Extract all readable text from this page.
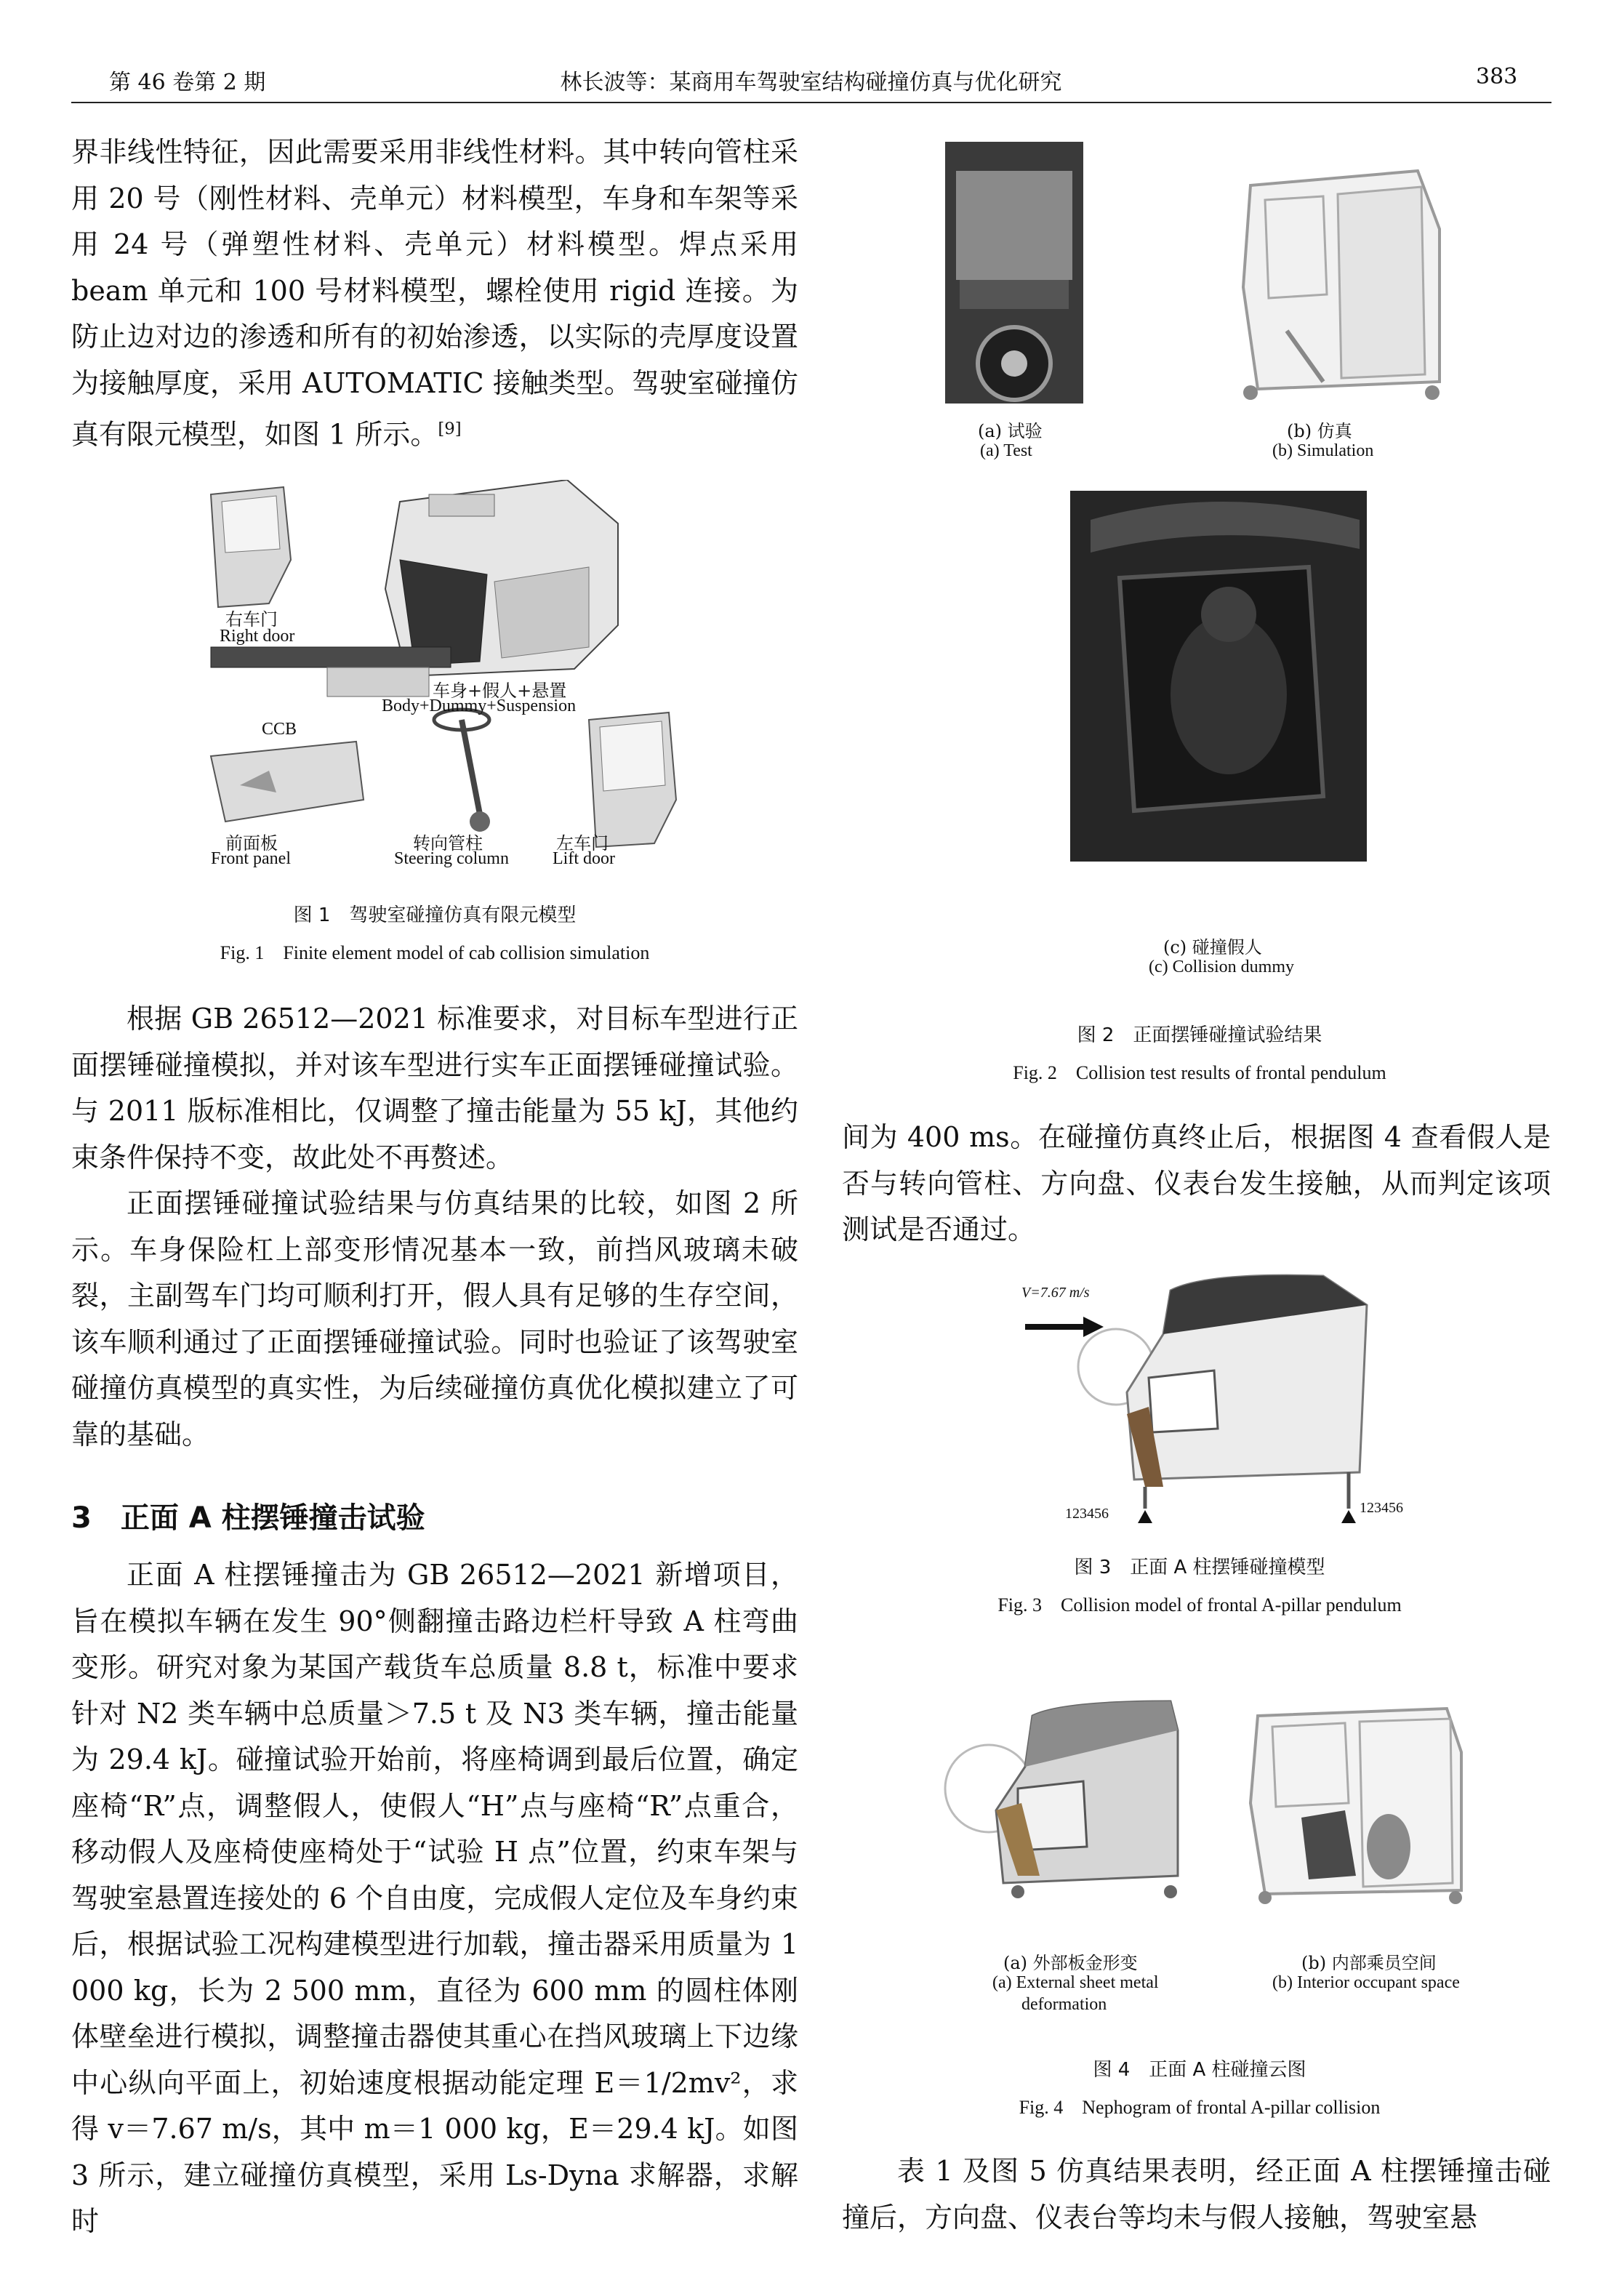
第 46 卷第 2 期	林长波等：某商用车驾驶室结构碰撞仿真与优化研究	383

界非线性特征，因此需要采用非线性材料。其中转向管柱采用 20 号（刚性材料、壳单元）材料模型，车身和车架等采用 24 号（弹塑性材料、壳单元）材料模型。焊点采用 beam 单元和 100 号材料模型，螺栓使用 rigid 连接。为防止边对边的渗透和所有的初始渗透，以实际的壳厚度设置为接触厚度，采用 AUTOMATIC 接触类型。驾驶室碰撞仿真有限元模型，如图 1 所示。[9]

右车门
Right door
车身+假人+悬置
Body+Dummy+Suspension
CCB
前面板
Front panel
转向管柱
Steering column
左车门
Lift door
图 1　驾驶室碰撞仿真有限元模型
Fig. 1　Finite element model of cab collision simulation

根据 GB 26512—2021 标准要求，对目标车型进行正面摆锤碰撞模拟，并对该车型进行实车正面摆锤碰撞试验。与 2011 版标准相比，仅调整了撞击能量为 55 kJ，其他约束条件保持不变，故此处不再赘述。

正面摆锤碰撞试验结果与仿真结果的比较，如图 2 所示。车身保险杠上部变形情况基本一致，前挡风玻璃未破裂，主副驾车门均可顺利打开，假人具有足够的生存空间，该车顺利通过了正面摆锤碰撞试验。同时也验证了该驾驶室碰撞仿真模型的真实性，为后续碰撞仿真优化模拟建立了可靠的基础。

3　正面 A 柱摆锤撞击试验

正面 A 柱摆锤撞击为 GB 26512—2021 新增项目，旨在模拟车辆在发生 90°侧翻撞击路边栏杆导致 A 柱弯曲变形。研究对象为某国产载货车总质量 8.8 t，标准中要求针对 N2 类车辆中总质量＞7.5 t 及 N3 类车辆，撞击能量为 29.4 kJ。碰撞试验开始前，将座椅调到最后位置，确定座椅“R”点，调整假人，使假人“H”点与座椅“R”点重合，移动假人及座椅使座椅处于“试验 H 点”位置，约束车架与驾驶室悬置连接处的 6 个自由度，完成假人定位及车身约束后，根据试验工况构建模型进行加载，撞击器采用质量为 1 000 kg，长为 2 500 mm，直径为 600 mm 的圆柱体刚体壁垒进行模拟，调整撞击器使其重心在挡风玻璃上下边缘中心纵向平面上，初始速度根据动能定理 E＝1/2mv²，求得 v＝7.67 m/s，其中 m＝1 000 kg，E＝29.4 kJ。如图 3 所示，建立碰撞仿真模型，采用 Ls-Dyna 求解器，求解时

(a) 试验
(a) Test
(b) 仿真
(b) Simulation
(c) 碰撞假人
(c) Collision dummy
图 2　正面摆锤碰撞试验结果
Fig. 2　Collision test results of frontal pendulum

间为 400 ms。在碰撞仿真终止后，根据图 4 查看假人是否与转向管柱、方向盘、仪表台发生接触，从而判定该项测试是否通过。

V=7.67 m/s
123456	123456
图 3　正面 A 柱摆锤碰撞模型
Fig. 3　Collision model of frontal A-pillar pendulum
(a) 外部板金形变
(a) External sheet metal
deformation
(b) 内部乘员空间
(b) Interior occupant space
图 4　正面 A 柱碰撞云图
Fig. 4　Nephogram of frontal A-pillar collision

表 1 及图 5 仿真结果表明，经正面 A 柱摆锤撞击碰撞后，方向盘、仪表台等均未与假人接触，驾驶室悬
